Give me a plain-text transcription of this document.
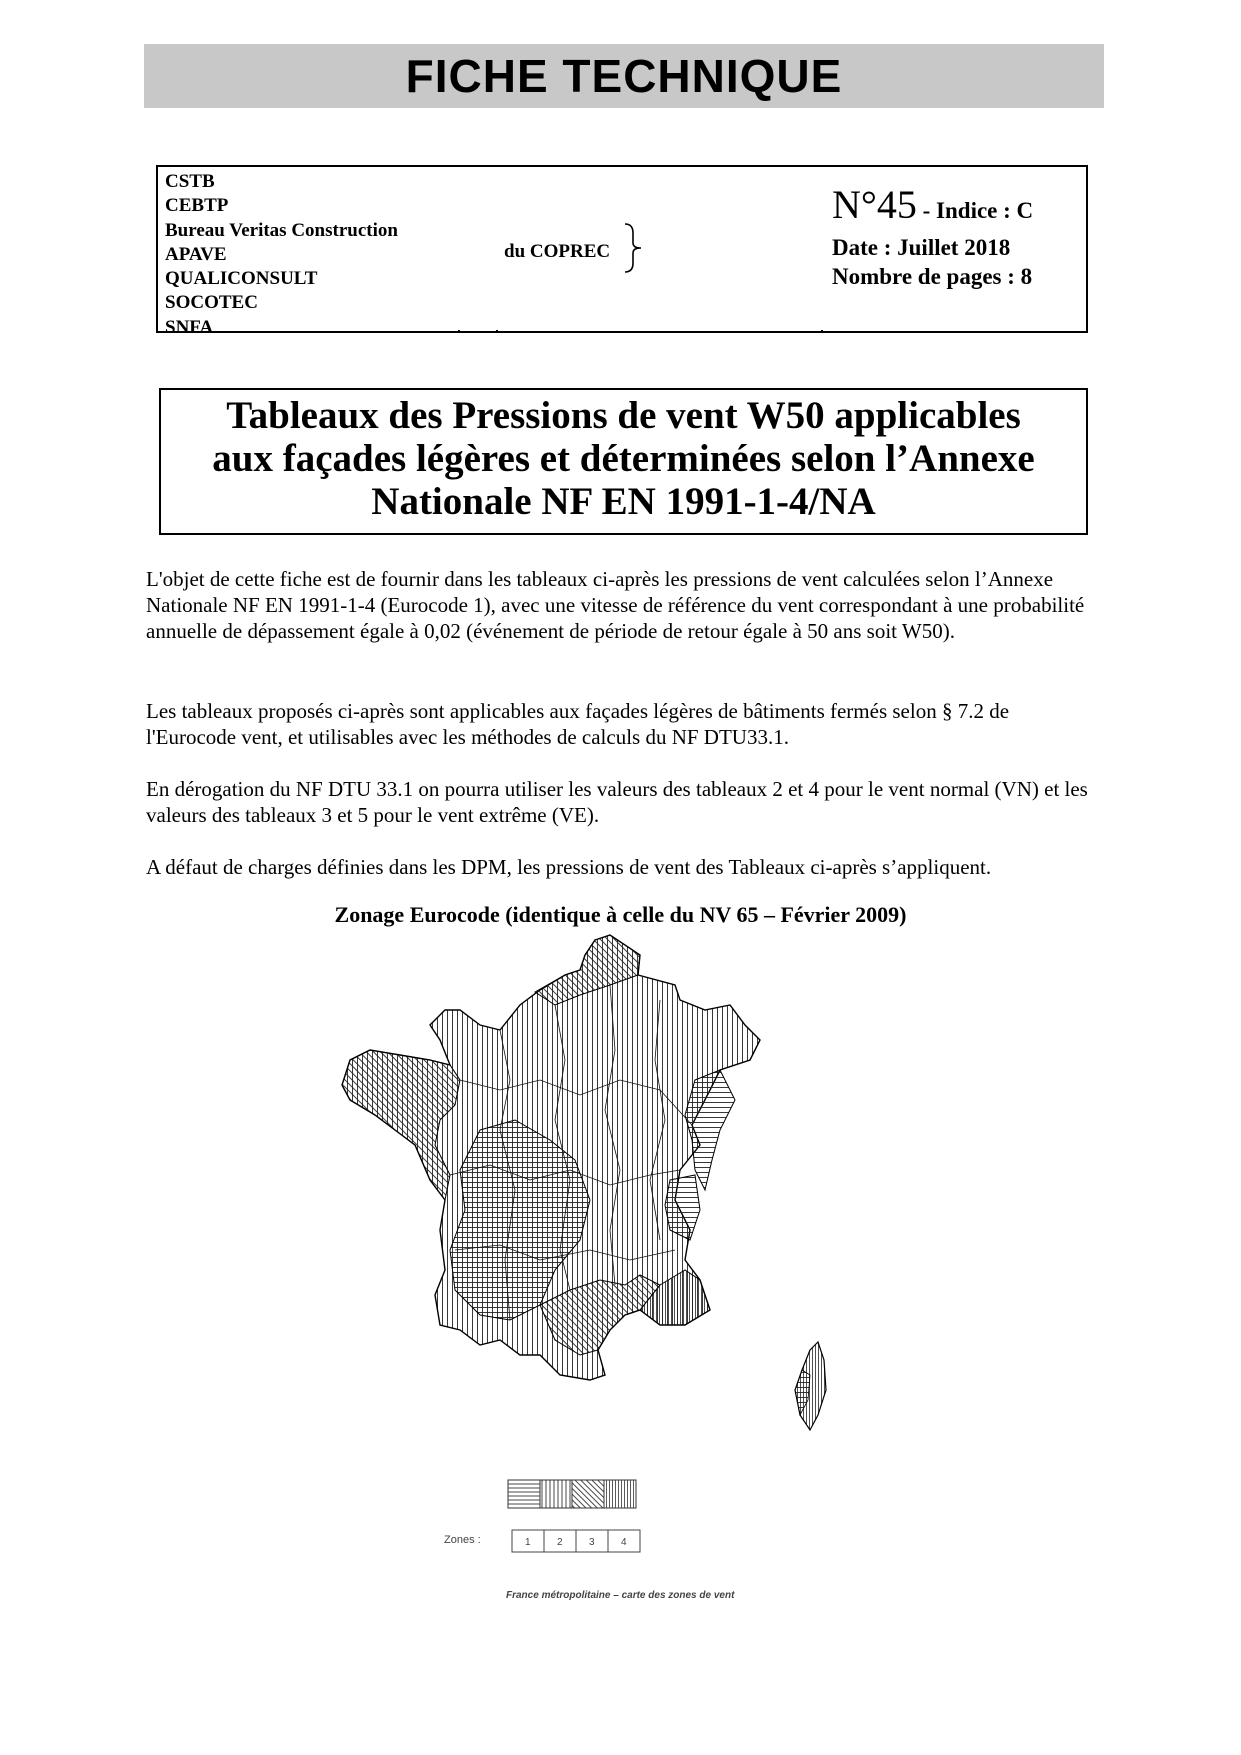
FICHE TECHNIQUE
CSTB
CEBTP
Bureau Veritas Construction
APAVE
QUALICONSULT
SOCOTEC
SNFA
du COPREC
N°45 - Indice : C
Date : Juillet 2018
Nombre de pages : 8
Tableaux des Pressions de vent W50 applicables
aux façades légères et déterminées selon l’Annexe
Nationale NF EN 1991-1-4/NA
L'objet de cette fiche est de fournir dans les tableaux ci-après les pressions de vent calculées selon l’Annexe Nationale NF EN 1991-1-4 (Eurocode 1), avec une vitesse de référence du vent correspondant à une probabilité annuelle de dépassement égale à 0,02 (événement de période de retour égale à 50 ans soit W50).
Les tableaux proposés ci-après sont applicables aux façades légères de bâtiments fermés selon § 7.2 de l'Eurocode vent, et utilisables avec les méthodes de calculs du NF DTU33.1.
En dérogation du NF DTU 33.1 on pourra utiliser les valeurs des tableaux 2 et 4 pour le vent normal (VN) et les valeurs des tableaux 3 et 5 pour le vent extrême (VE).
A défaut de charges définies dans les DPM, les pressions de vent des Tableaux ci-après s’appliquent.
Zonage Eurocode (identique à celle du NV 65 – Février 2009)
Zones :	1	2	3	4
France métropolitaine – carte des zones de vent
